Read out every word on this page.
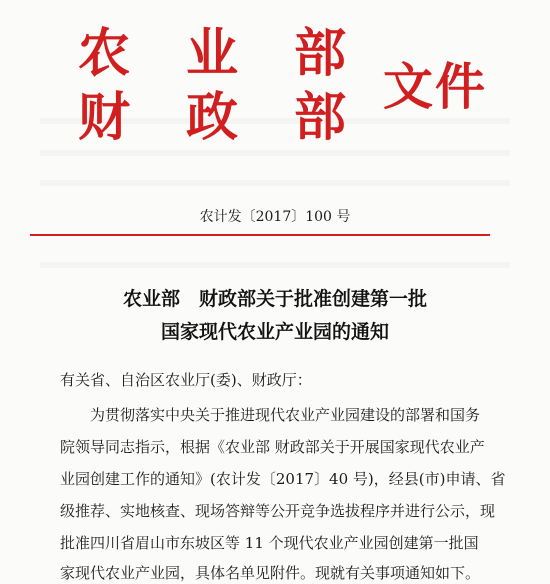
农	业	部
财	政	部
文件
农计发〔2017〕100 号
农业部　财政部关于批准创建第一批
国家现代农业产业园的通知
有关省、自治区农业厅(委)、财政厅：
为贯彻落实中央关于推进现代农业产业园建设的部署和国务
院领导同志指示，根据《农业部 财政部关于开展国家现代农业产
业园创建工作的通知》(农计发〔2017〕40 号)，经县(市)申请、省
级推荐、实地核查、现场答辩等公开竞争选拔程序并进行公示，现
批准四川省眉山市东坡区等 11 个现代农业产业园创建第一批国
家现代农业产业园，具体名单见附件。现就有关事项通知如下。
